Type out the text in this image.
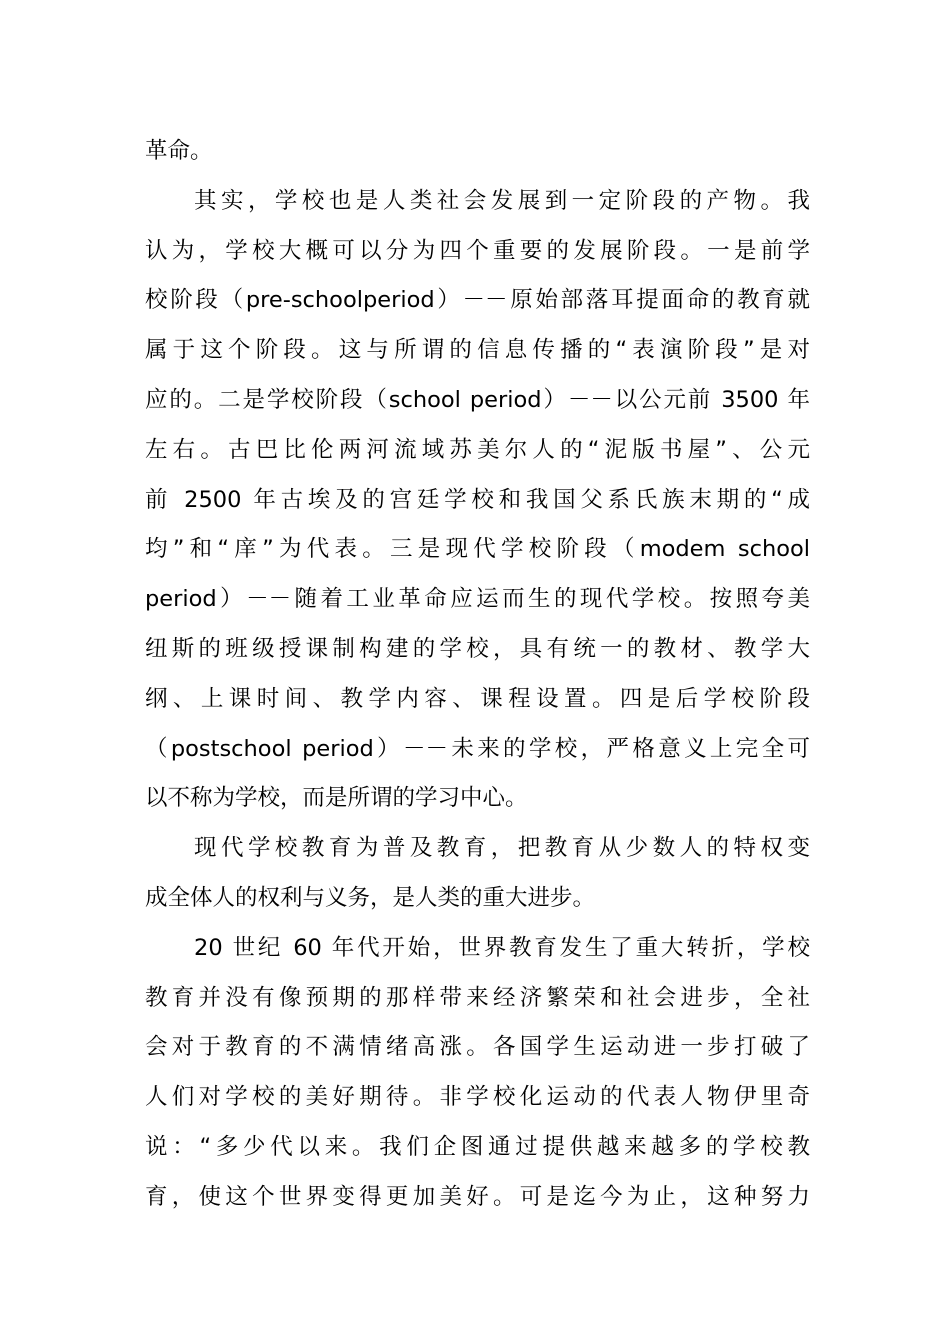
革命。
其实，学校也是人类社会发展到一定阶段的产物。我
认为，学校大概可以分为四个重要的发展阶段。一是前学
校阶段（pre-schoolperiod）－－原始部落耳提面命的教育就
属于这个阶段。这与所谓的信息传播的“表演阶段”是对
应的。二是学校阶段（school period）－－以公元前 3500 年
左右。古巴比伦两河流域苏美尔人的“泥版书屋”、公元
前 2500 年古埃及的宫廷学校和我国父系氏族末期的“成
均”和“庠”为代表。三是现代学校阶段（modem school
period）－－随着工业革命应运而生的现代学校。按照夸美
纽斯的班级授课制构建的学校，具有统一的教材、教学大
纲、上课时间、教学内容、课程设置。四是后学校阶段
（postschool period）－－未来的学校，严格意义上完全可
以不称为学校，而是所谓的学习中心。
现代学校教育为普及教育，把教育从少数人的特权变
成全体人的权利与义务，是人类的重大进步。
20 世纪 60 年代开始，世界教育发生了重大转折，学校
教育并没有像预期的那样带来经济繁荣和社会进步，全社
会对于教育的不满情绪高涨。各国学生运动进一步打破了
人们对学校的美好期待。非学校化运动的代表人物伊里奇
说：“多少代以来。我们企图通过提供越来越多的学校教
育，使这个世界变得更加美好。可是迄今为止，这种努力
